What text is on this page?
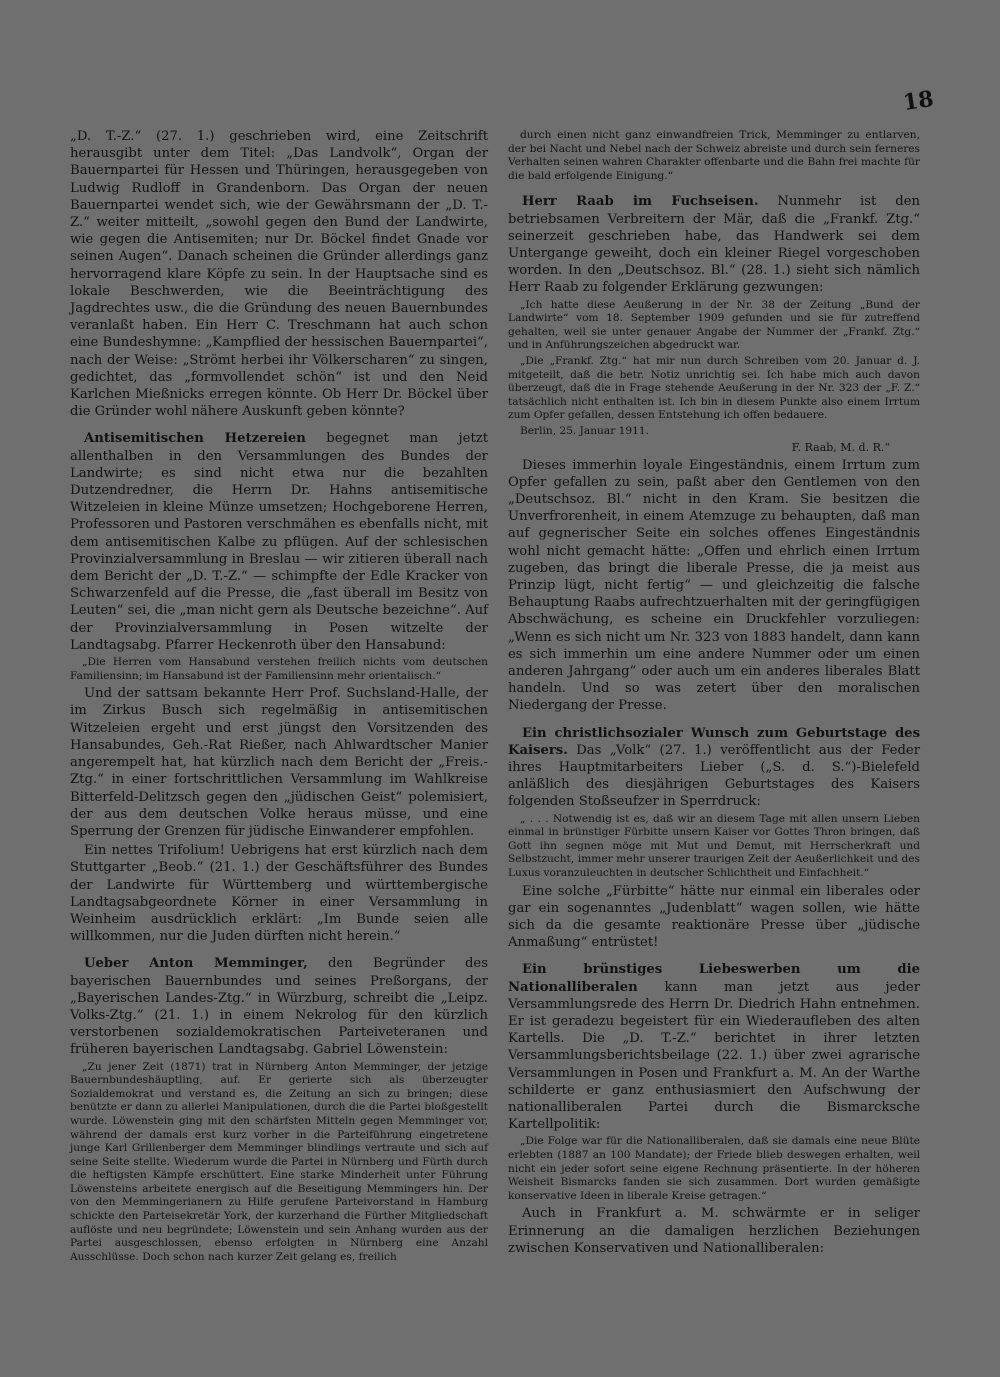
18

„D. T.-Z.“ (27. 1.) geschrieben wird, eine Zeitschrift herausgibt unter dem Titel: „Das Landvolk“, Organ der Bauernpartei für Hessen und Thüringen, herausgegeben von Ludwig Rudloff in Grandenborn. Das Organ der neuen Bauernpartei wendet sich, wie der Gewährsmann der „D. T.-Z.“ weiter mitteilt, „sowohl gegen den Bund der Landwirte, wie gegen die Antisemiten; nur Dr. Böckel findet Gnade vor seinen Augen“. Danach scheinen die Gründer allerdings ganz hervorragend klare Köpfe zu sein. In der Hauptsache sind es lokale Beschwerden, wie die Beeinträchtigung des Jagdrechtes usw., die die Gründung des neuen Bauernbundes veranlaßt haben. Ein Herr C. Treschmann hat auch schon eine Bundeshymne: „Kampflied der hessischen Bauernpartei“, nach der Weise: „Strömt herbei ihr Völkerscharen“ zu singen, gedichtet, das „formvollendet schön“ ist und den Neid Karlchen Mießnicks erregen könnte. Ob Herr Dr. Böckel über die Gründer wohl nähere Auskunft geben könnte?

Antisemitischen Hetzereien begegnet man jetzt allenthalben in den Versammlungen des Bundes der Landwirte; es sind nicht etwa nur die bezahlten Dutzendredner, die Herrn Dr. Hahns antisemitische Witzeleien in kleine Münze umsetzen; Hochgeborene Herren, Professoren und Pastoren verschmähen es ebenfalls nicht, mit dem antisemitischen Kalbe zu pflügen. Auf der schlesischen Provinzialversammlung in Breslau — wir zitieren überall nach dem Bericht der „D. T.-Z.“ — schimpfte der Edle Kracker von Schwarzenfeld auf die Presse, die „fast überall im Besitz von Leuten“ sei, die „man nicht gern als Deutsche bezeichne“. Auf der Provinzialversammlung in Posen witzelte der Landtagsabg. Pfarrer Heckenroth über den Hansabund:

„Die Herren vom Hansabund verstehen freilich nichts vom deutschen Familiensinn; im Hansabund ist der Familiensinn mehr orientalisch.“

Und der sattsam bekannte Herr Prof. Suchsland-Halle, der im Zirkus Busch sich regelmäßig in antisemitischen Witzeleien ergeht und erst jüngst den Vorsitzenden des Hansabundes, Geh.-Rat Rießer, nach Ahlwardtscher Manier angerempelt hat, hat kürzlich nach dem Bericht der „Freis.-Ztg.“ in einer fortschrittlichen Versammlung im Wahlkreise Bitterfeld-Delitzsch gegen den „jüdischen Geist“ polemisiert, der aus dem deutschen Volke heraus müsse, und eine Sperrung der Grenzen für jüdische Einwanderer empfohlen.

Ein nettes Trifolium! Uebrigens hat erst kürzlich nach dem Stuttgarter „Beob.“ (21. 1.) der Geschäftsführer des Bundes der Landwirte für Württemberg und württembergische Landtagsabgeordnete Körner in einer Versammlung in Weinheim ausdrücklich erklärt: „Im Bunde seien alle willkommen, nur die Juden dürften nicht herein.“

Ueber Anton Memminger, den Begründer des bayerischen Bauernbundes und seines Preßorgans, der „Bayerischen Landes-Ztg.“ in Würzburg, schreibt die „Leipz. Volks-Ztg.“ (21. 1.) in einem Nekrolog für den kürzlich verstorbenen sozialdemokratischen Parteiveteranen und früheren bayerischen Landtagsabg. Gabriel Löwenstein:

„Zu jener Zeit (1871) trat in Nürnberg Anton Memminger, der jetzige Bauernbundeshäuptling, auf. Er gerierte sich als überzeugter Sozialdemokrat und verstand es, die Zeitung an sich zu bringen; diese benützte er dann zu allerlei Manipulationen, durch die die Partei bloßgestellt wurde. Löwenstein ging mit den schärfsten Mitteln gegen Memminger vor, während der damals erst kurz vorher in die Parteiführung eingetretene junge Karl Grillenberger dem Memminger blindlings vertraute und sich auf seine Seite stellte. Wiederum wurde die Partei in Nürnberg und Fürth durch die heftigsten Kämpfe erschüttert. Eine starke Minderheit unter Führung Löwensteins arbeitete energisch auf die Beseitigung Memmingers hin. Der von den Memmingerianern zu Hilfe gerufene Parteivorstand in Hamburg schickte den Parteisekretär York, der kurzerhand die Fürther Mitgliedschaft auflöste und neu begründete; Löwenstein und sein Anhang wurden aus der Partei ausgeschlossen, ebenso erfolgten in Nürnberg eine Anzahl Ausschlüsse. Doch schon nach kurzer Zeit gelang es, freilich

durch einen nicht ganz einwandfreien Trick, Memminger zu entlarven, der bei Nacht und Nebel nach der Schweiz abreiste und durch sein ferneres Verhalten seinen wahren Charakter offenbarte und die Bahn frei machte für die bald erfolgende Einigung.“

Herr Raab im Fuchseisen. Nunmehr ist den betriebsamen Verbreitern der Mär, daß die „Frankf. Ztg.“ seinerzeit geschrieben habe, das Handwerk sei dem Untergange geweiht, doch ein kleiner Riegel vorgeschoben worden. In den „Deutschsoz. Bl.“ (28. 1.) sieht sich nämlich Herr Raab zu folgender Erklärung gezwungen:

„Ich hatte diese Aeußerung in der Nr. 38 der Zeitung „Bund der Landwirte“ vom 18. September 1909 gefunden und sie für zutreffend gehalten, weil sie unter genauer Angabe der Nummer der „Frankf. Ztg.“ und in Anführungszeichen abgedruckt war.

„Die „Frankf. Ztg.“ hat mir nun durch Schreiben vom 20. Januar d. J. mitgeteilt, daß die betr. Notiz unrichtig sei. Ich habe mich auch davon überzeugt, daß die in Frage stehende Aeußerung in der Nr. 323 der „F. Z.“ tatsächlich nicht enthalten ist. Ich bin in diesem Punkte also einem Irrtum zum Opfer gefallen, dessen Entstehung ich offen bedauere.

Berlin, 25. Januar 1911.

F. Raab, M. d. R.“

Dieses immerhin loyale Eingeständnis, einem Irrtum zum Opfer gefallen zu sein, paßt aber den Gentlemen von den „Deutschsoz. Bl.“ nicht in den Kram. Sie besitzen die Unverfrorenheit, in einem Atemzuge zu behaupten, daß man auf gegnerischer Seite ein solches offenes Eingeständnis wohl nicht gemacht hätte: „Offen und ehrlich einen Irrtum zugeben, das bringt die liberale Presse, die ja meist aus Prinzip lügt, nicht fertig“ — und gleichzeitig die falsche Behauptung Raabs aufrechtzuerhalten mit der geringfügigen Abschwächung, es scheine ein Druckfehler vorzuliegen: „Wenn es sich nicht um Nr. 323 von 1883 handelt, dann kann es sich immerhin um eine andere Nummer oder um einen anderen Jahrgang“ oder auch um ein anderes liberales Blatt handeln. Und so was zetert über den moralischen Niedergang der Presse.

Ein christlichsozialer Wunsch zum Geburtstage des Kaisers. Das „Volk“ (27. 1.) veröffentlicht aus der Feder ihres Hauptmitarbeiters Lieber („S. d. S.“)-Bielefeld anläßlich des diesjährigen Geburtstages des Kaisers folgenden Stoßseufzer in Sperrdruck:

„ . . . Notwendig ist es, daß wir an diesem Tage mit allen unsern Lieben einmal in brünstiger Fürbitte unsern Kaiser vor Gottes Thron bringen, daß Gott ihn segnen möge mit Mut und Demut, mit Herrscherkraft und Selbstzucht, immer mehr unserer traurigen Zeit der Aeußerlichkeit und des Luxus voranzuleuchten in deutscher Schlichtheit und Einfachheit.“

Eine solche „Fürbitte“ hätte nur einmal ein liberales oder gar ein sogenanntes „Judenblatt“ wagen sollen, wie hätte sich da die gesamte reaktionäre Presse über „jüdische Anmaßung“ entrüstet!

Ein brünstiges Liebeswerben um die Nationalliberalen kann man jetzt aus jeder Versammlungsrede des Herrn Dr. Diedrich Hahn entnehmen. Er ist geradezu begeistert für ein Wiederaufleben des alten Kartells. Die „D. T.-Z.“ berichtet in ihrer letzten Versammlungsberichtsbeilage (22. 1.) über zwei agrarische Versammlungen in Posen und Frankfurt a. M. An der Warthe schilderte er ganz enthusiasmiert den Aufschwung der nationalliberalen Partei durch die Bismarcksche Kartellpolitik:

„Die Folge war für die Nationalliberalen, daß sie damals eine neue Blüte erlebten (1887 an 100 Mandate); der Friede blieb deswegen erhalten, weil nicht ein jeder sofort seine eigene Rechnung präsentierte. In der höheren Weisheit Bismarcks fanden sie sich zusammen. Dort wurden gemäßigte konservative Ideen in liberale Kreise getragen.“

Auch in Frankfurt a. M. schwärmte er in seliger Erinnerung an die damaligen herzlichen Beziehungen zwischen Konservativen und Nationalliberalen:
